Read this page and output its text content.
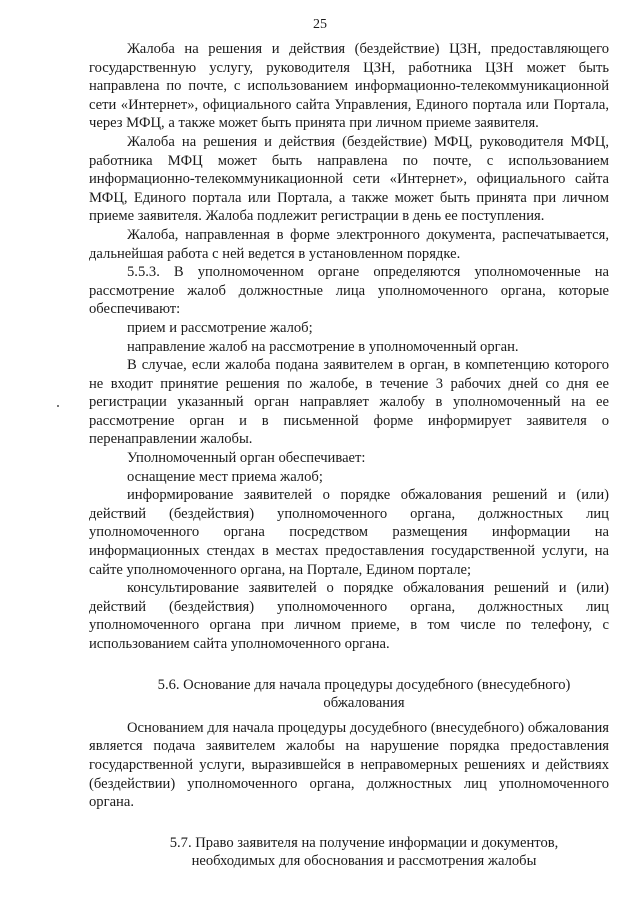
25

Жалоба на решения и действия (бездействие) ЦЗН, предоставляющего государственную услугу, руководителя ЦЗН, работника ЦЗН может быть направлена по почте, с использованием информационно-телекоммуникационной сети «Интернет», официального сайта Управления, Единого портала или Портала, через МФЦ, а также может быть принята при личном приеме заявителя.

Жалоба на решения и действия (бездействие) МФЦ, руководителя МФЦ, работника МФЦ может быть направлена по почте, с использованием информационно-телекоммуникационной сети «Интернет», официального сайта МФЦ, Единого портала или Портала, а также может быть принята при личном приеме заявителя. Жалоба подлежит регистрации в день ее поступления.

Жалоба, направленная в форме электронного документа, распечатывается, дальнейшая работа с ней ведется в установленном порядке.

5.5.3. В уполномоченном органе определяются уполномоченные на рассмотрение жалоб должностные лица уполномоченного органа, которые обеспечивают:

прием и рассмотрение жалоб;

направление жалоб на рассмотрение в уполномоченный орган.

В случае, если жалоба подана заявителем в орган, в компетенцию которого не входит принятие решения по жалобе, в течение 3 рабочих дней со дня ее регистрации указанный орган направляет жалобу в уполномоченный на ее рассмотрение орган и в письменной форме информирует заявителя о перенаправлении жалобы.

Уполномоченный орган обеспечивает:

оснащение мест приема жалоб;

информирование заявителей о порядке обжалования решений и (или) действий (бездействия) уполномоченного органа, должностных лиц уполномоченного органа посредством размещения информации на информационных стендах в местах предоставления государственной услуги, на сайте уполномоченного органа, на Портале, Едином портале;

консультирование заявителей о порядке обжалования решений и (или) действий (бездействия) уполномоченного органа, должностных лиц уполномоченного органа при личном приеме, в том числе по телефону, с использованием сайта уполномоченного органа.

5.6. Основание для начала процедуры досудебного (внесудебного) обжалования

Основанием для начала процедуры досудебного (внесудебного) обжалования является подача заявителем жалобы на нарушение порядка предоставления государственной услуги, выразившейся в неправомерных решениях и действиях (бездействии) уполномоченного органа, должностных лиц уполномоченного органа.

5.7. Право заявителя на получение информации и документов, необходимых для обоснования и рассмотрения жалобы
